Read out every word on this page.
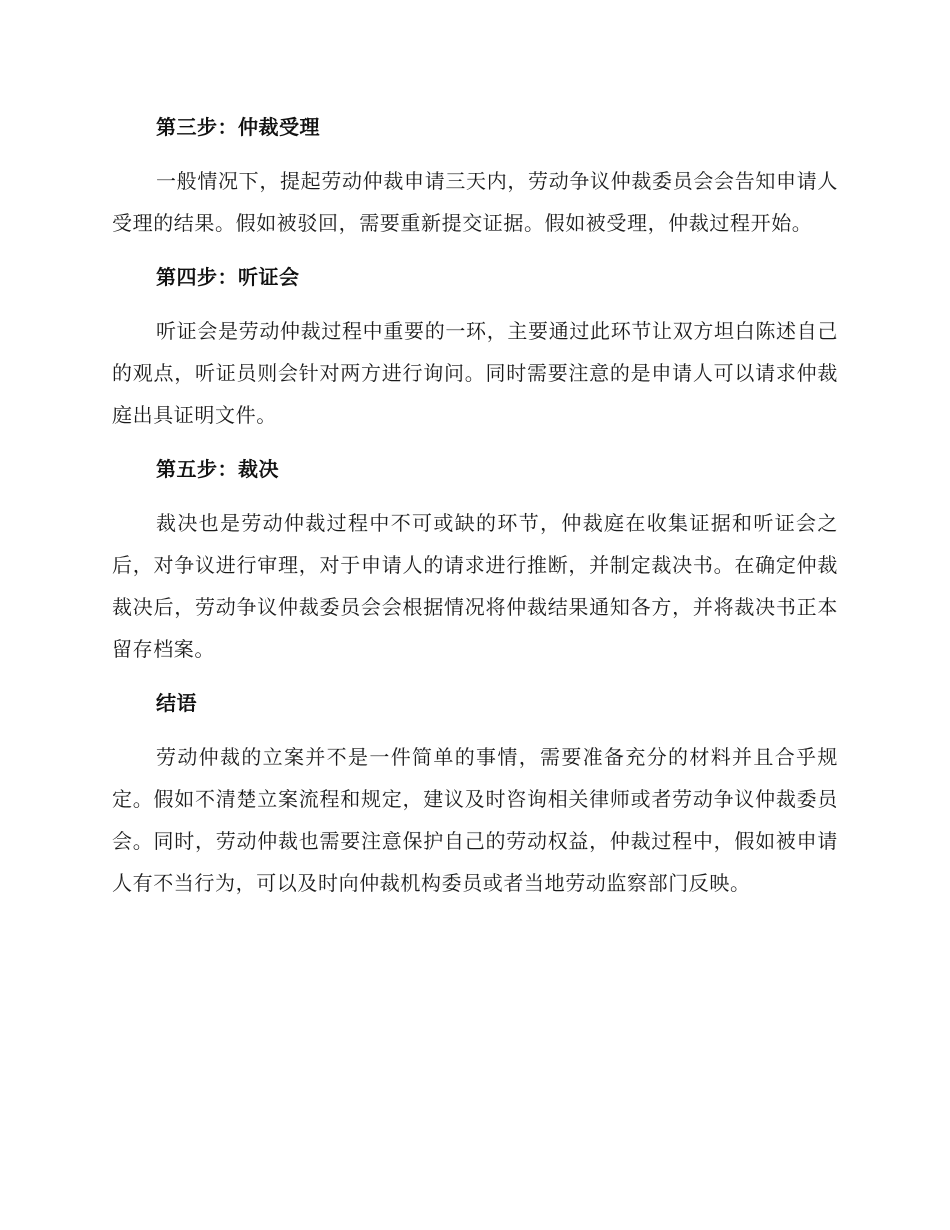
第三步：仲裁受理

一般情况下，提起劳动仲裁申请三天内，劳动争议仲裁委员会会告知申请人受理的结果。假如被驳回，需要重新提交证据。假如被受理，仲裁过程开始。

第四步：听证会

听证会是劳动仲裁过程中重要的一环，主要通过此环节让双方坦白陈述自己的观点，听证员则会针对两方进行询问。同时需要注意的是申请人可以请求仲裁庭出具证明文件。

第五步：裁决

裁决也是劳动仲裁过程中不可或缺的环节，仲裁庭在收集证据和听证会之后，对争议进行审理，对于申请人的请求进行推断，并制定裁决书。在确定仲裁裁决后，劳动争议仲裁委员会会根据情况将仲裁结果通知各方，并将裁决书正本留存档案。

结语

劳动仲裁的立案并不是一件简单的事情，需要准备充分的材料并且合乎规定。假如不清楚立案流程和规定，建议及时咨询相关律师或者劳动争议仲裁委员会。同时，劳动仲裁也需要注意保护自己的劳动权益，仲裁过程中，假如被申请人有不当行为，可以及时向仲裁机构委员或者当地劳动监察部门反映。
